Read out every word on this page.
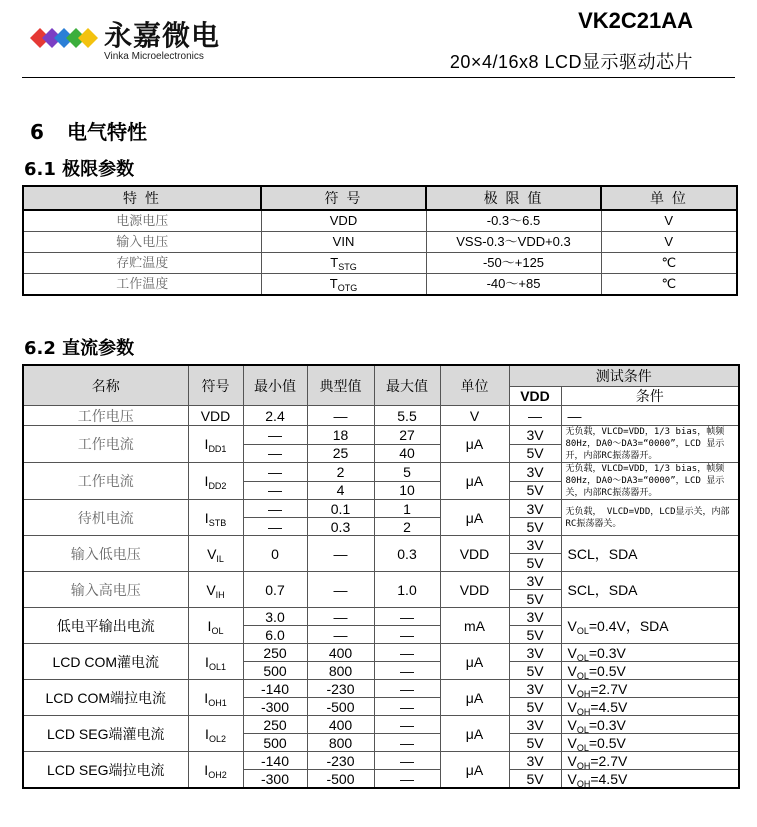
永嘉微电
Vinka Microelectronics
VK2C21AA
20×4/16x8 LCD显示驱动芯片
6 电气特性
6.1 极限参数
特 性	符 号	极 限 值	单 位
电源电压	VDD	-0.3～6.5	V
输入电压	VIN	VSS-0.3～VDD+0.3	V
存贮温度	$T_{STG}$	-50～+125	℃
工作温度	$T_{OTG}$	-40～+85	℃
6.2 直流参数
名称	符号	最小值	典型值	最大值	单位	测试条件	
						VDD	条件
工作电压	VDD	2.4	—	5.5	V	—	—
工作电流	$I_{DD1}$	—	18	27	μA	3V	无负载，VLCD=VDD，1/3 bias，帧频80Hz，DA0～DA3=“0000”，LCD 显示开，内部RC振荡器开。
		—	25	40		5V	
工作电流	$I_{DD2}$	—	2	5	μA	3V	无负载，VLCD=VDD，1/3 bias，帧频80Hz，DA0～DA3=“0000”，LCD 显示关，内部RC振荡器开。
		—	4	10		5V	
待机电流	$I_{STB}$	—	0.1	1	μA	3V	无负载， VLCD=VDD，LCD显示关，内部RC振荡器关。
		—	0.3	2		5V	
输入低电压	$V_{IL}$	0	—	0.3	VDD	3V	SCL，SDA
						5V	
输入高电压	$V_{IH}$	0.7	—	1.0	VDD	3V	SCL，SDA
						5V	
低电平输出电流	$I_{OL}$	3.0	—	—	mA	3V	$V_{OL}=0.4V$，SDA
		6.0	—	—		5V	
LCD COM灌电流	$I_{OL1}$	250	400	—	μA	3V	$V_{OL}=0.3V$
		500	800	—		5V	$V_{OL}=0.5V$
LCD COM端拉电流	$I_{OH1}$	-140	-230	—	μA	3V	$V_{OH}=2.7V$
		-300	-500	—		5V	$V_{OH}=4.5V$
LCD SEG端灌电流	$I_{OL2}$	250	400	—	μA	3V	$V_{OL}=0.3V$
		500	800	—		5V	$V_{OL}=0.5V$
LCD SEG端拉电流	$I_{OH2}$	-140	-230	—	μA	3V	$V_{OH}=2.7V$
		-300	-500	—		5V	$V_{OH}=4.5V$
